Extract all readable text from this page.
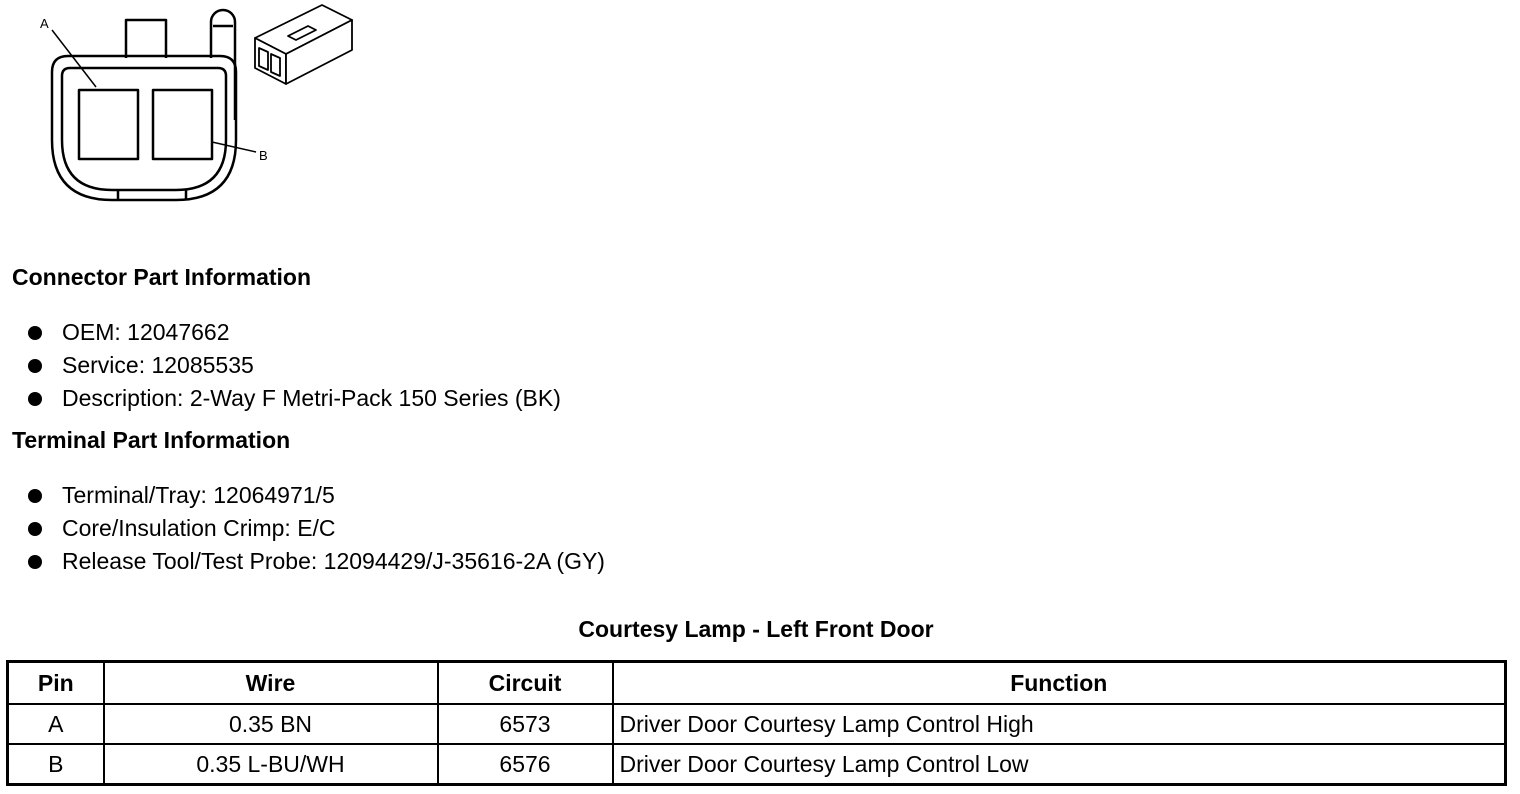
A
B
Connector Part Information
OEM: 12047662
Service: 12085535
Description: 2-Way F Metri-Pack 150 Series (BK)
Terminal Part Information
Terminal/Tray: 12064971/5
Core/Insulation Crimp: E/C
Release Tool/Test Probe: 12094429/J-35616-2A (GY)
Courtesy Lamp - Left Front Door
Pin	Wire	Circuit	Function
A	0.35 BN	6573	Driver Door Courtesy Lamp Control High
B	0.35 L-BU/WH	6576	Driver Door Courtesy Lamp Control Low
